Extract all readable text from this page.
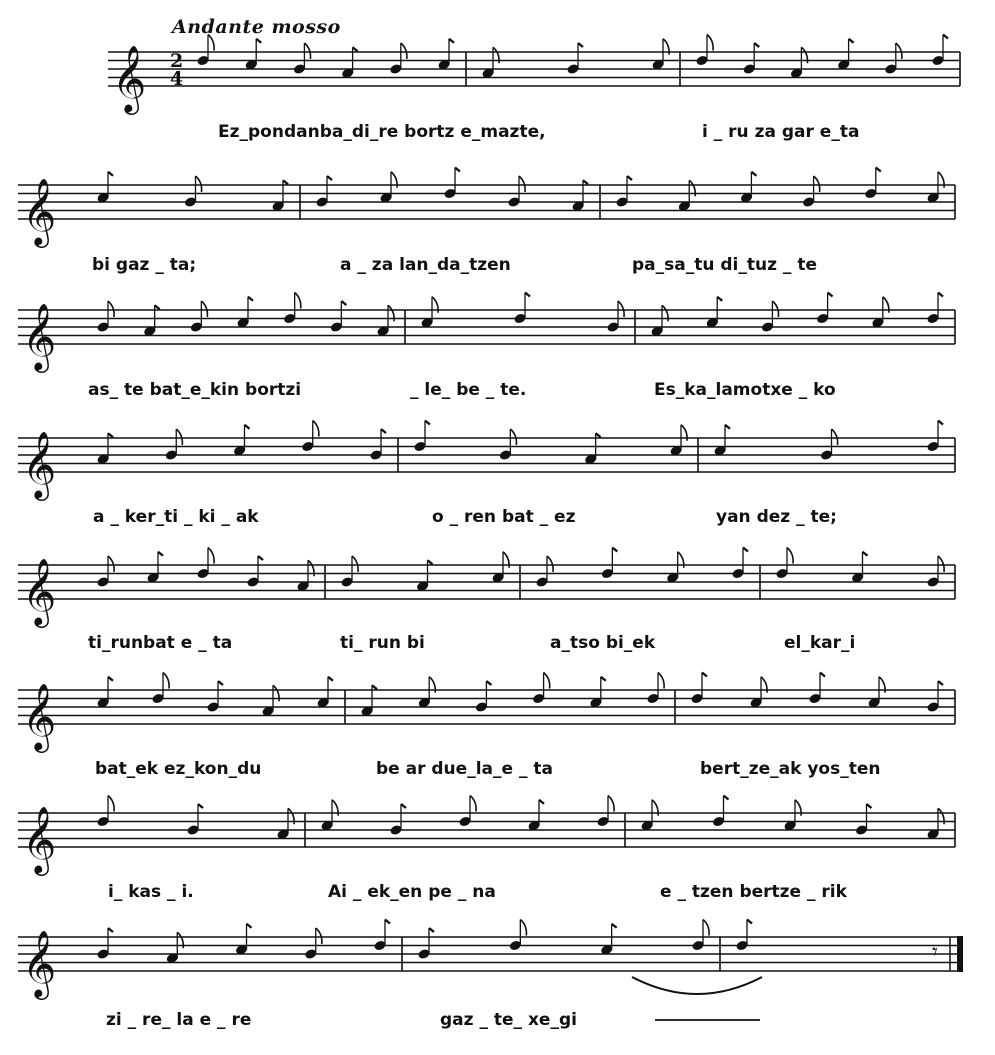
Andante mosso
𝄞 2
4
Ez_pondanba_di_re bortz e_mazte,	i _ ru za gar e_ta
𝄞
bi gaz _ ta;	a _ za lan_da_tzen	pa_sa_tu di_tuz _ te
𝄞
as_ te bat_e_kin bortzi	_ le_ be _ te.	Es_ka_lamotxe _ ko
𝄞
a _ ker_ti _ ki _ ak	o _ ren bat _ ez	yan dez _ te;
𝄞
ti_runbat e _ ta	ti_ run bi	a_tso bi_ek	el_kar_i
𝄞
bat_ek ez_kon_du	be ar due_la_e _ ta	bert_ze_ak yos_ten
𝄞
i_ kas _ i.	Ai _ ek_en pe _ na	e _ tzen bertze _ rik
𝄞	𝄾
zi _ re_ la e _ re	gaz _ te_ xe_gi
